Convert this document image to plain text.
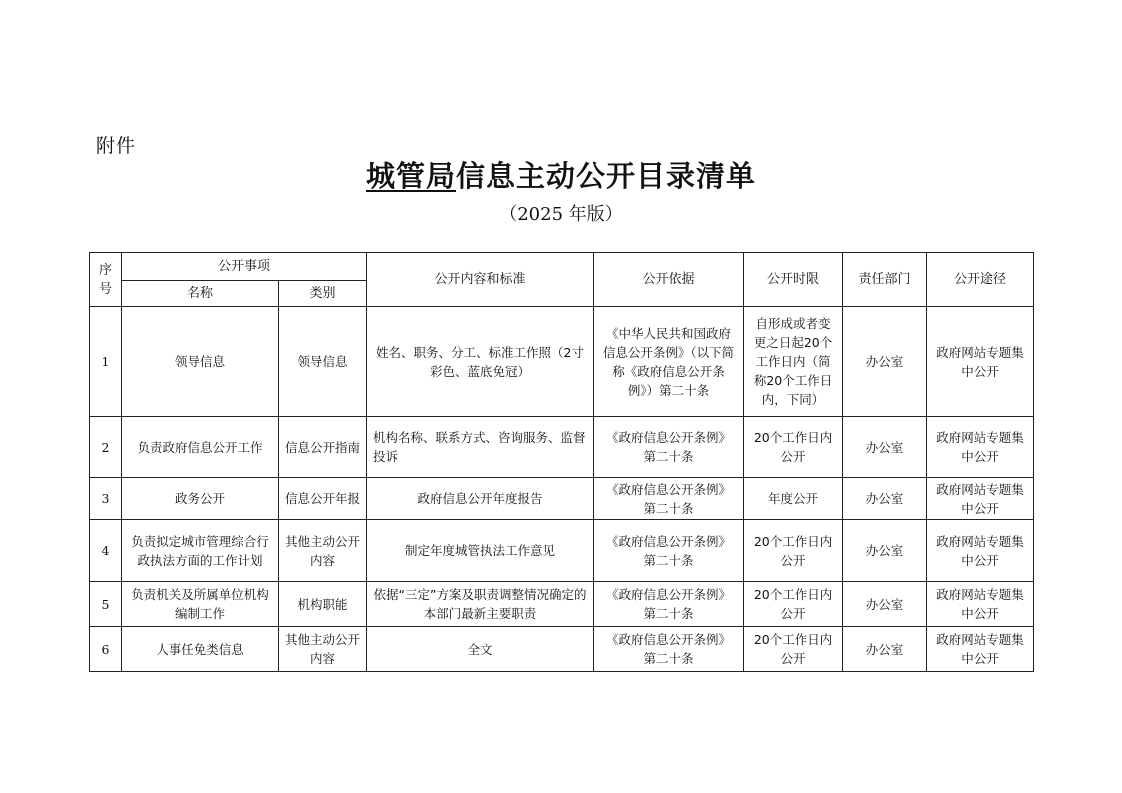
附件
城管局信息主动公开目录清单
（2025 年版）
序号	公开事项		公开内容和标准	公开依据	公开时限	责任部门	公开途径
	名称	类别					
1	领导信息	领导信息	姓名、职务、分工、标准工作照（2寸彩色、蓝底免冠）	《中华人民共和国政府信息公开条例》（以下简称《政府信息公开条例》）第二十条	自形成或者变更之日起20个工作日内（简称20个工作日内，下同）	办公室	政府网站专题集中公开
2	负责政府信息公开工作	信息公开指南	机构名称、联系方式、咨询服务、监督投诉	《政府信息公开条例》第二十条	20个工作日内公开	办公室	政府网站专题集中公开
3	政务公开	信息公开年报	政府信息公开年度报告	《政府信息公开条例》第二十条	年度公开	办公室	政府网站专题集中公开
4	负责拟定城市管理综合行政执法方面的工作计划	其他主动公开内容	制定年度城管执法工作意见	《政府信息公开条例》第二十条	20个工作日内公开	办公室	政府网站专题集中公开
5	负责机关及所属单位机构编制工作	机构职能	依据“三定”方案及职责调整情况确定的本部门最新主要职责	《政府信息公开条例》第二十条	20个工作日内公开	办公室	政府网站专题集中公开
6	人事任免类信息	其他主动公开内容	全文	《政府信息公开条例》第二十条	20个工作日内公开	办公室	政府网站专题集中公开
